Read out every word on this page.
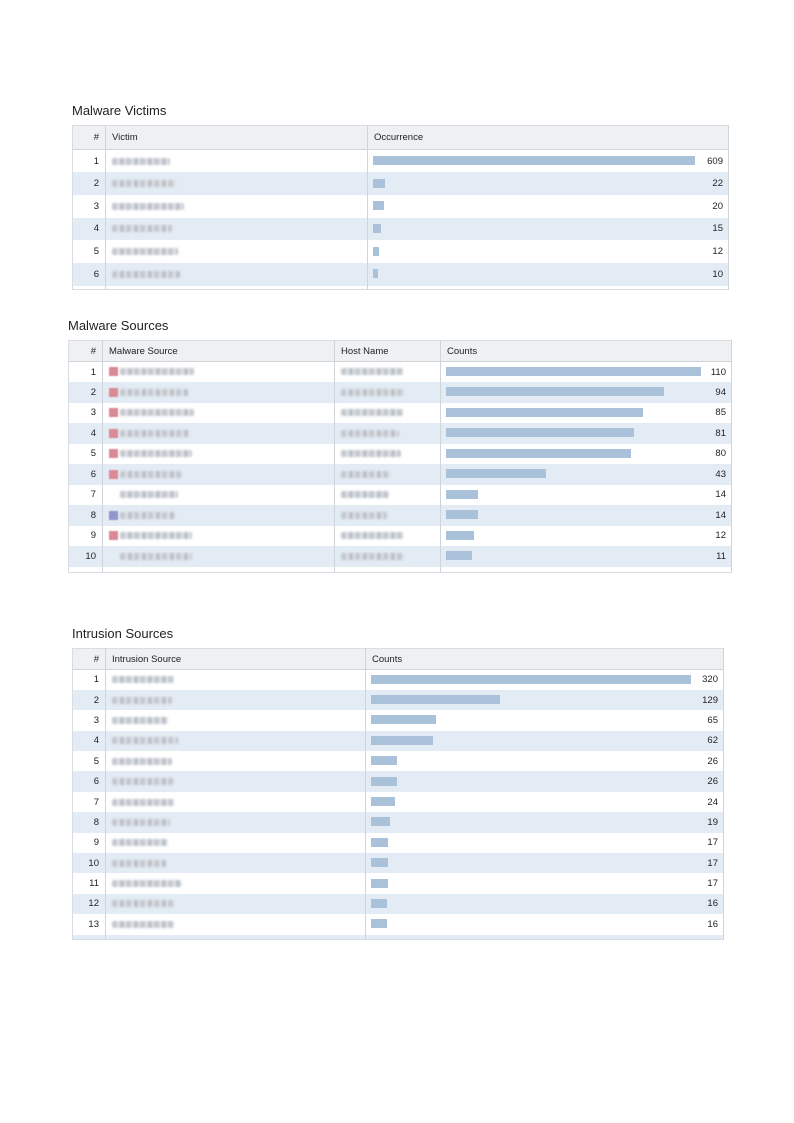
Malware Victims
#	Victim	Occurrence
1		609

2		22

3		20

4		15

5		12

6		10

Malware Sources
#	Malware Source	Host Name	Counts
1			110

2			94

3			85

4			81

5			80

6			43

7			14

8			14

9			12

10			11

Intrusion Sources
#	Intrusion Source	Counts
1		320

2		129

3		65

4		62

5		26

6		26

7		24

8		19

9		17

10		17

11		17

12		16

13		16
